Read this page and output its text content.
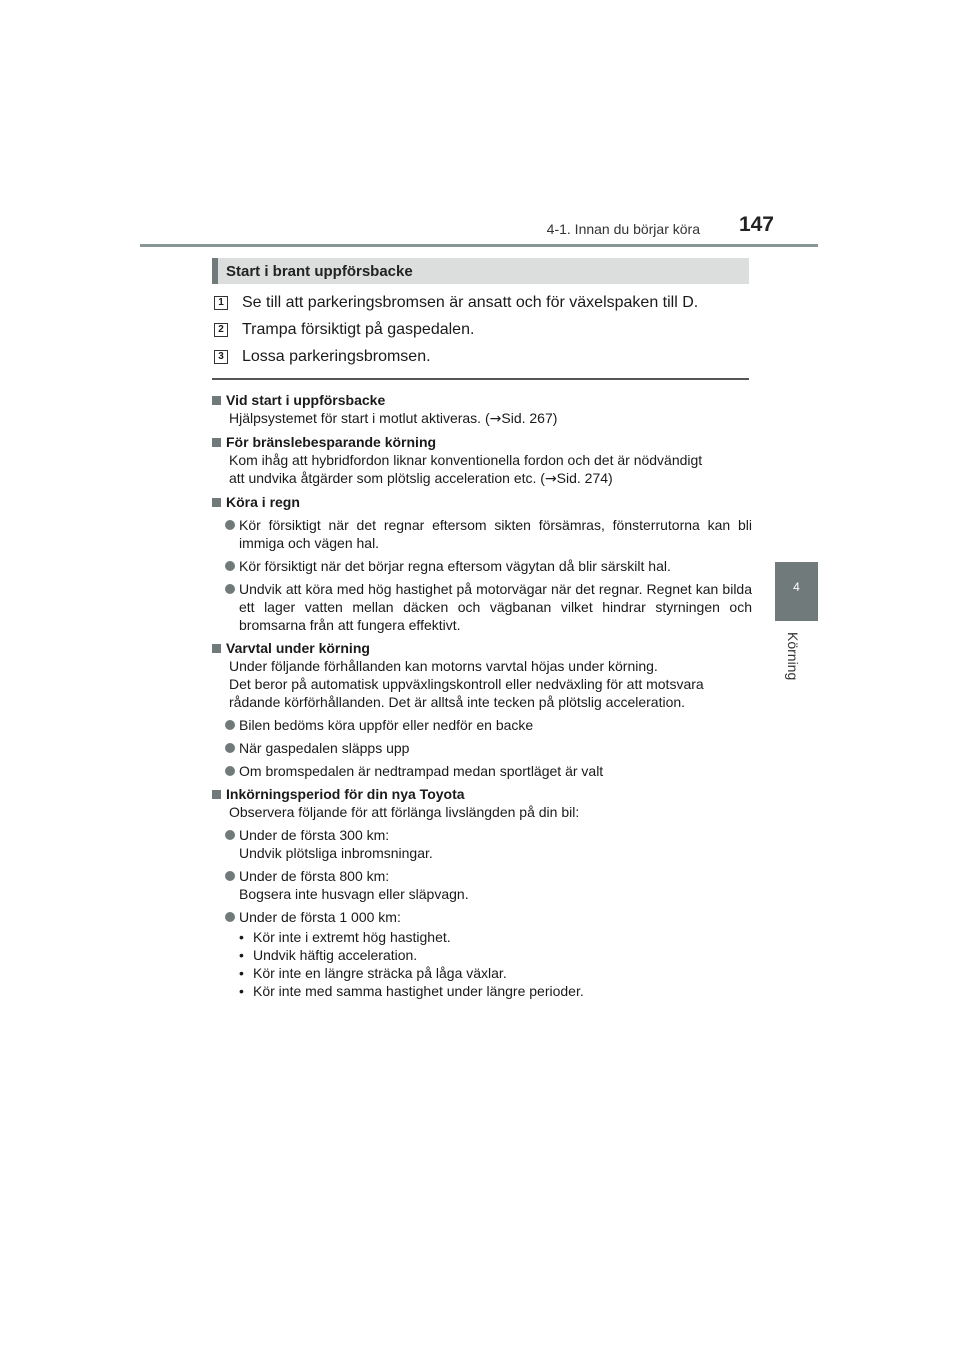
4-1. Innan du börjar köra	147
4
Körning
Start i brant uppförsbacke
1 Se till att parkeringsbromsen är ansatt och för växelspaken till D.
2 Trampa försiktigt på gaspedalen.
3 Lossa parkeringsbromsen.
Vid start i uppförsbacke
Hjälpsystemet för start i motlut aktiveras. (→Sid. 267)
För bränslebesparande körning
Kom ihåg att hybridfordon liknar konventionella fordon och det är nödvändigt
att undvika åtgärder som plötslig acceleration etc. (→Sid. 274)
Köra i regn
Kör försiktigt när det regnar eftersom sikten försämras, fönsterrutorna kan bli immiga och vägen hal.
Kör försiktigt när det börjar regna eftersom vägytan då blir särskilt hal.
Undvik att köra med hög hastighet på motorvägar när det regnar. Regnet kan bilda ett lager vatten mellan däcken och vägbanan vilket hindrar styrningen och bromsarna från att fungera effektivt.
Varvtal under körning
Under följande förhållanden kan motorns varvtal höjas under körning.
Det beror på automatisk uppväxlingskontroll eller nedväxling för att motsvara
rådande körförhållanden. Det är alltså inte tecken på plötslig acceleration.
Bilen bedöms köra uppför eller nedför en backe
När gaspedalen släpps upp
Om bromspedalen är nedtrampad medan sportläget är valt
Inkörningsperiod för din nya Toyota
Observera följande för att förlänga livslängden på din bil:
Under de första 300 km:
Undvik plötsliga inbromsningar.
Under de första 800 km:
Bogsera inte husvagn eller släpvagn.
Under de första 1 000 km:
• Kör inte i extremt hög hastighet.
• Undvik häftig acceleration.
• Kör inte en längre sträcka på låga växlar.
• Kör inte med samma hastighet under längre perioder.
